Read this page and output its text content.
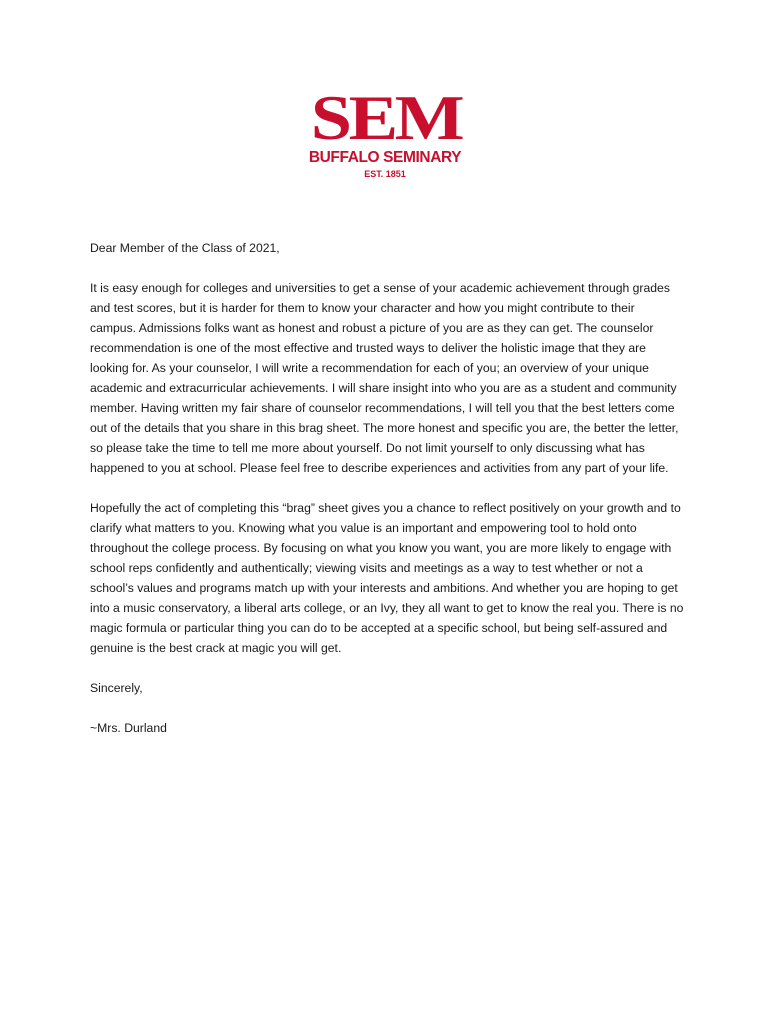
SEM
BUFFALO SEMINARY
EST. 1851

Dear Member of the Class of 2021,

It is easy enough for colleges and universities to get a sense of your academic achievement through grades and test scores, but it is harder for them to know your character and how you might contribute to their campus. Admissions folks want as honest and robust a picture of you are as they can get. The counselor recommendation is one of the most effective and trusted ways to deliver the holistic image that they are looking for. As your counselor, I will write a recommendation for each of you; an overview of your unique academic and extracurricular achievements. I will share insight into who you are as a student and community member. Having written my fair share of counselor recommendations, I will tell you that the best letters come out of the details that you share in this brag sheet. The more honest and specific you are, the better the letter, so please take the time to tell me more about yourself. Do not limit yourself to only discussing what has happened to you at school. Please feel free to describe experiences and activities from any part of your life.

Hopefully the act of completing this “brag” sheet gives you a chance to reflect positively on your growth and to clarify what matters to you. Knowing what you value is an important and empowering tool to hold onto throughout the college process. By focusing on what you know you want, you are more likely to engage with school reps confidently and authentically; viewing visits and meetings as a way to test whether or not a school’s values and programs match up with your interests and ambitions. And whether you are hoping to get into a music conservatory, a liberal arts college, or an Ivy, they all want to get to know the real you. There is no magic formula or particular thing you can do to be accepted at a specific school, but being self-assured and genuine is the best crack at magic you will get.

Sincerely,

~Mrs. Durland
